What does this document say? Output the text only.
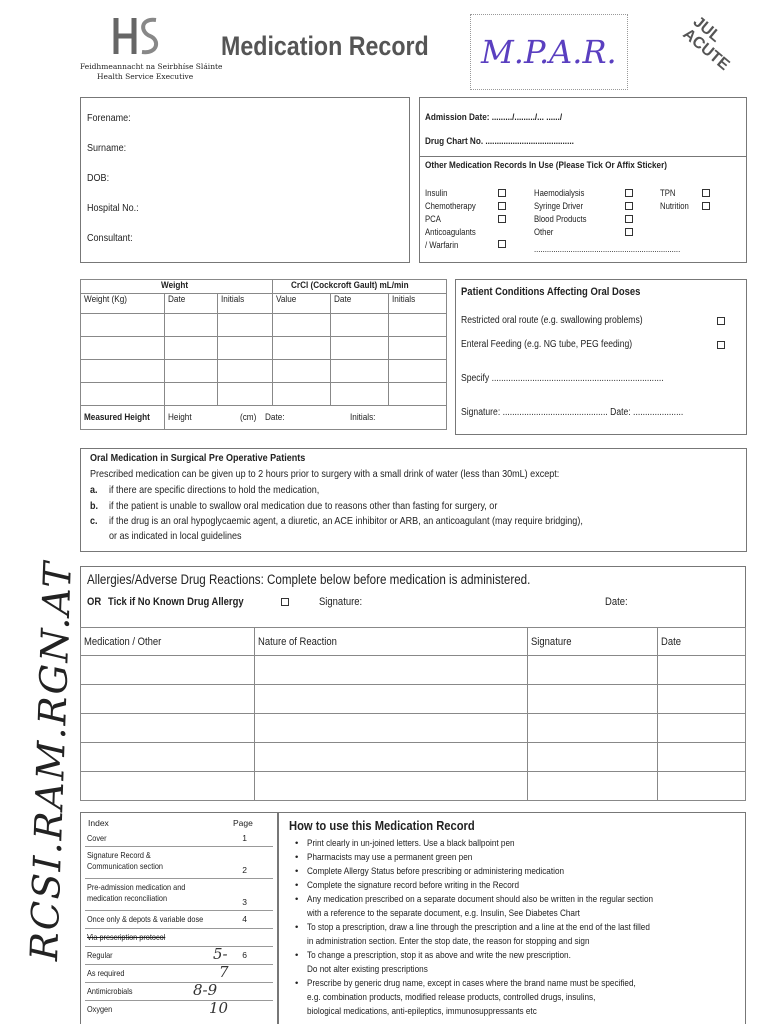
Feidhmeannacht na Seirbhíse Sláinte
Health Service Executive
Medication Record M.P.A.R.
JUL ACUTE
RCSI.RAM.RGN.AT
Forename:
Surname:
DOB:
Hospital No.:
Consultant:
Admission Date: ........./........./... ....../
Drug Chart No. .......................................
Other Medication Records In Use (Please Tick Or Affix Sticker)
Insulin
Chemotherapy
PCA
Anticoagulants
/ Warfarin
Haemodialysis
Syringe Driver
Blood Products
Other
TPN
Nutrition
....................................................................
Weight			CrCl (Cockcroft Gault) mL/min		
Weight (Kg)	Date	Initials	Value	Date	Initials

Measured Height	Height (cm) Date: Initials:				
Patient Conditions Affecting Oral Doses
Restricted oral route (e.g. swallowing problems)
Enteral Feeding (e.g. NG tube, PEG feeding)
Specify ........................................................................
Signature: ............................................ Date: .....................
Oral Medication in Surgical Pre Operative Patients
Prescribed medication can be given up to 2 hours prior to surgery with a small drink of water (less than 30mL) except:
a. if there are specific directions to hold the medication,
b. if the patient is unable to swallow oral medication due to reasons other than fasting for surgery, or
c. if the drug is an oral hypoglycaemic agent, a diuretic, an ACE inhibitor or ARB, an anticoagulant (may require bridging),
or as indicated in local guidelines
Allergies/Adverse Drug Reactions: Complete below before medication is administered.
OR Tick if No Known Drug Allergy	Signature:	Date:
Medication / Other	Nature of Reaction	Signature	Date

Index	Page
Cover	1
Signature Record & Communication section	2
Pre-admission medication and medication reconciliation	3
Once only & depots & variable dose	4
Via prescription protocol
Regular	5- 6
As required	7
Antimicrobials	8-9
Oxygen	10
How to use this Medication Record
• Print clearly in un-joined letters. Use a black ballpoint pen
• Pharmacists may use a permanent green pen
• Complete Allergy Status before prescribing or administering medication
• Complete the signature record before writing in the Record
• Any medication prescribed on a separate document should also be written in the regular section
with a reference to the separate document, e.g. Insulin, See Diabetes Chart
• To stop a prescription, draw a line through the prescription and a line at the end of the last filled
in administration section. Enter the stop date, the reason for stopping and sign
• To change a prescription, stop it as above and write the new prescription.
Do not alter existing prescriptions
• Prescribe by generic drug name, except in cases where the brand name must be specified,
e.g. combination products, modified release products, controlled drugs, insulins,
biological medications, anti-epileptics, immunosuppressants etc
